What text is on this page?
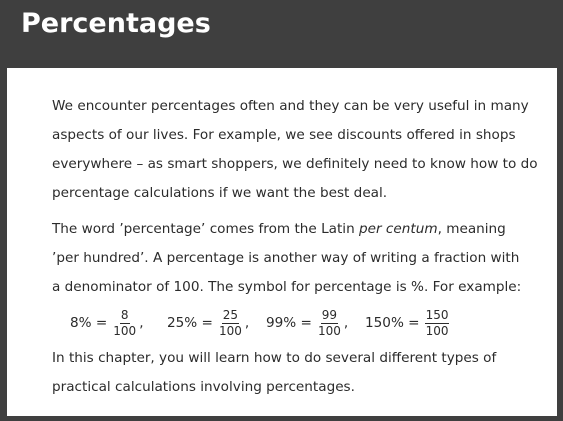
Percentages

We encounter percentages often and they can be very useful in many
aspects of our lives. For example, we see discounts offered in shops
everywhere – as smart shoppers, we definitely need to know how to do
percentage calculations if we want the best deal.

The word ’percentage’ comes from the Latin per centum, meaning
’per hundred’. A percentage is another way of writing a fraction with
a denominator of 100. The symbol for percentage is %. For example:

$8\% = \frac{8}{100}$ , $25\% = \frac{25}{100}$ , $99\% = \frac{99}{100}$ , $150\% = \frac{150}{100}$

In this chapter, you will learn how to do several different types of
practical calculations involving percentages.
